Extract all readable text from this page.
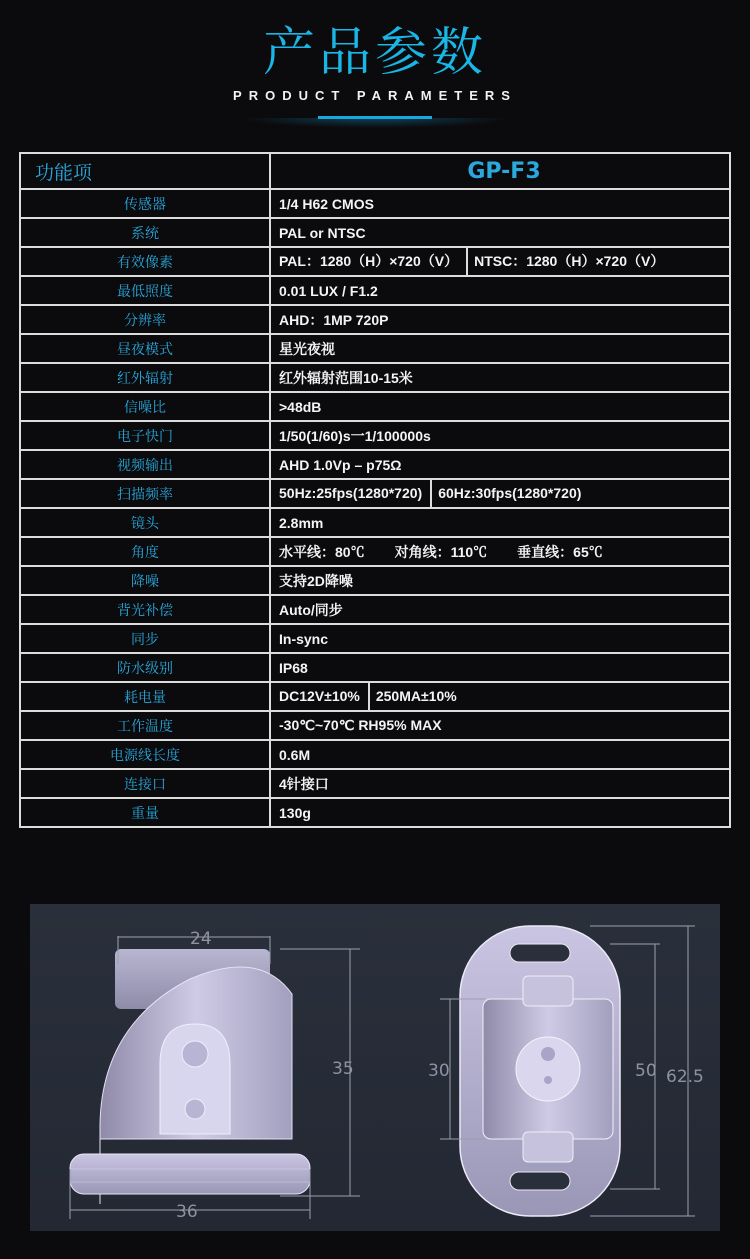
产品参数
PRODUCT PARAMETERS
功能项	GP-F3
传感器	1/4 H62 CMOS
系统	PAL or NTSC
有效像素	PAL：1280（H）×720（V） NTSC：1280（H）×720（V）
最低照度	0.01 LUX / F1.2
分辨率	AHD：1MP 720P
昼夜模式	星光夜视
红外辐射	红外辐射范围10-15米
信噪比	>48dB
电子快门	1/50(1/60)s一1/100000s
视频输出	AHD 1.0Vp – p75Ω
扫描频率	50Hz:25fps(1280*720) 60Hz:30fps(1280*720)
镜头	2.8mm
角度	水平线：80℃ 对角线：110℃ 垂直线：65℃
降噪	支持2D降噪
背光补偿	Auto/同步
同步	In-sync
防水级别	IP68
耗电量	DC12V±10% 250MA±10%
工作温度	-30℃~70℃ RH95% MAX
电源线长度	0.6M
连接口	4针接口
重量	130g
24
35
36
30	50 62.5
